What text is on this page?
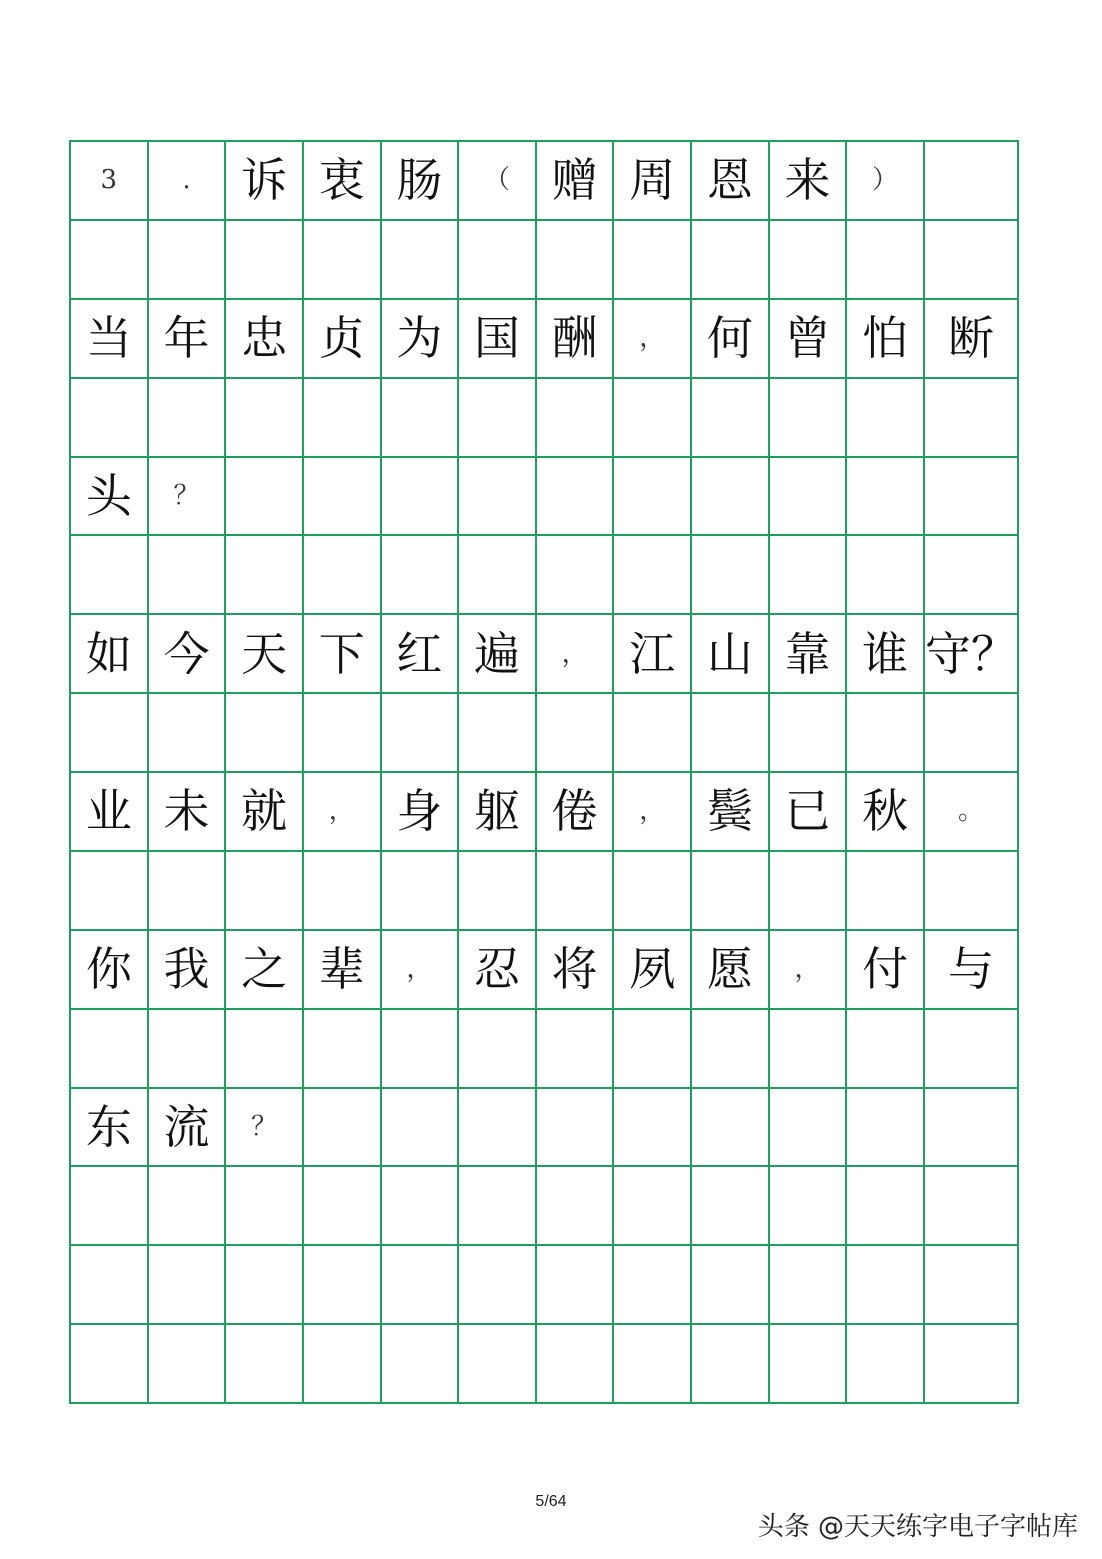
3	.	诉 衷 肠	（ 赠 周 恩 来	）
当 年 忠 贞 为 国 酬	， 何 曾 怕 断
头	？
如 今 天 下 红 遍	， 江 山 靠 谁 守？
业 未 就	， 身 躯 倦	， 鬓 已 秋	。
你 我 之 辈	， 忍 将 夙 愿	， 付 与
东 流	？
5/64
头条 @天天练字电子字帖库
